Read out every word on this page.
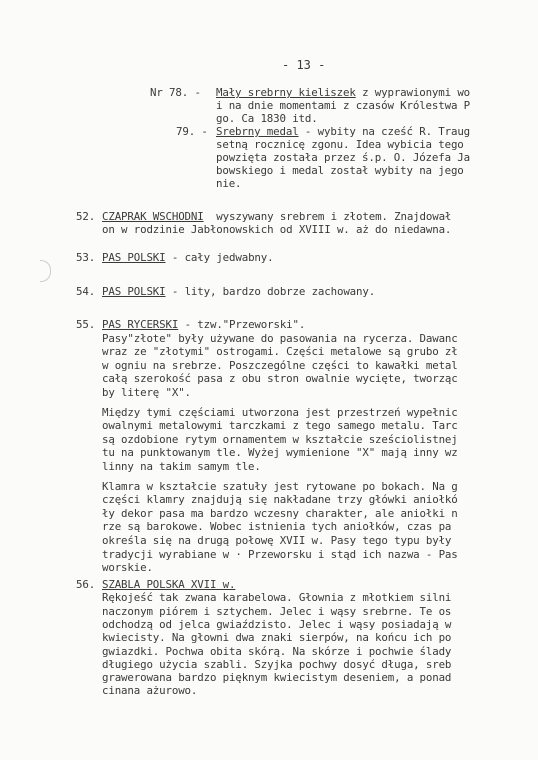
- 13 -
Nr 78. - Mały srebrny kieliszek z wyprawionymi wo
i na dnie momentami z czasów Królestwa P
go. Ca 1830 itd.
79. - Srebrny medal - wybity na cześć R. Traug
setną rocznicę zgonu. Idea wybicia tego
powzięta została przez ś.p. O. Józefa Ja
bowskiego i medal został wybity na jego
nie.
52. CZAPRAK WSCHODNI  wyszywany srebrem i złotem. Znajdował
on w rodzinie Jabłonowskich od XVIII w. aż do niedawna.
53. PAS POLSKI - cały jedwabny.
54. PAS POLSKI - lity, bardzo dobrze zachowany.
55. PAS RYCERSKI - tzw."Przeworski".
Pasy"złote" były używane do pasowania na rycerza. Dawanc
wraz ze "złotymi" ostrogami. Części metalowe są grubo zł
w ogniu na srebrze. Poszczególne części to kawałki metal
całą szerokość pasa z obu stron owalnie wycięte, tworząc
by literę "X".
Między tymi częściami utworzona jest przestrzeń wypełnic
owalnymi metalowymi tarczkami z tego samego metalu. Tarc
są ozdobione rytym ornamentem w kształcie sześciolistnej
tu na punktowanym tle. Wyżej wymienione "X" mają inny wz
linny na takim samym tle.
Klamra w kształcie szatuły jest rytowane po bokach. Na g
części klamry znajdują się nakładane trzy główki aniołkó
ły dekor pasa ma bardzo wczesny charakter, ale aniołki n
rze są barokowe. Wobec istnienia tych aniołków, czas pa
określa się na drugą połowę XVII w. Pasy tego typu były
tradycji wyrabiane w · Przeworsku i stąd ich nazwa - Pas
worskie.
56. SZABLA POLSKA XVII w.
Rękojeść tak zwana karabelowa. Głownia z młotkiem silni
naczonym piórem i sztychem. Jelec i wąsy srebrne. Te os
odchodzą od jelca gwiaździsto. Jelec i wąsy posiadają w
kwiecisty. Na głowni dwa znaki sierpów, na końcu ich po
gwiazdki. Pochwa obita skórą. Na skórze i pochwie ślady
długiego użycia szabli. Szyjka pochwy dosyć długa, sreb
grawerowana bardzo pięknym kwiecistym deseniem, a ponad
cinana ażurowo.
